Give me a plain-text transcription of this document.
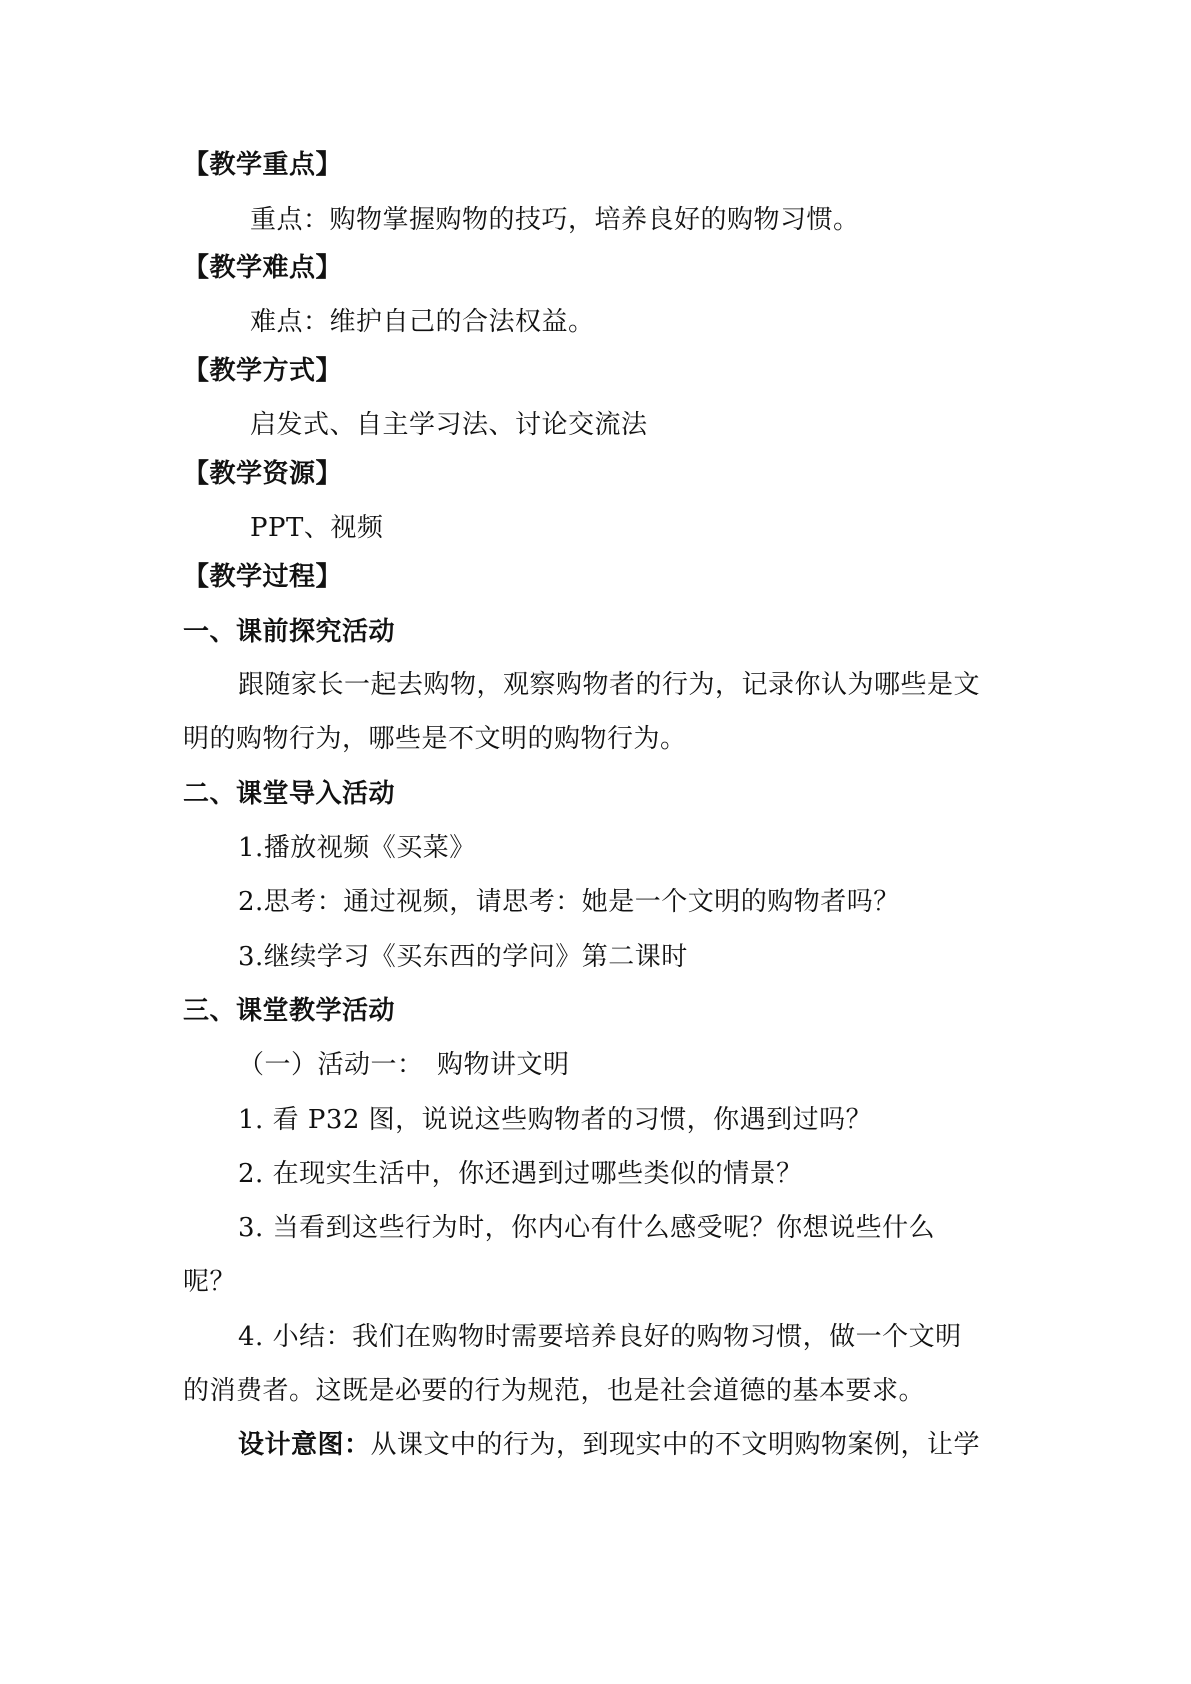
【教学重点】
重点：购物掌握购物的技巧，培养良好的购物习惯。
【教学难点】
难点：维护自己的合法权益。
【教学方式】
启发式、自主学习法、讨论交流法
【教学资源】
PPT、视频
【教学过程】
一、课前探究活动
跟随家长一起去购物，观察购物者的行为，记录你认为哪些是文
明的购物行为，哪些是不文明的购物行为。
二、课堂导入活动
1.播放视频《买菜》
2.思考：通过视频，请思考：她是一个文明的购物者吗？
3.继续学习《买东西的学问》第二课时
三、课堂教学活动
（一）活动一：　购物讲文明
1. 看 P32 图，说说这些购物者的习惯，你遇到过吗？
2. 在现实生活中，你还遇到过哪些类似的情景？
3. 当看到这些行为时，你内心有什么感受呢？你想说些什么
呢？
4. 小结：我们在购物时需要培养良好的购物习惯，做一个文明
的消费者。这既是必要的行为规范，也是社会道德的基本要求。
设计意图：从课文中的行为，到现实中的不文明购物案例，让学
